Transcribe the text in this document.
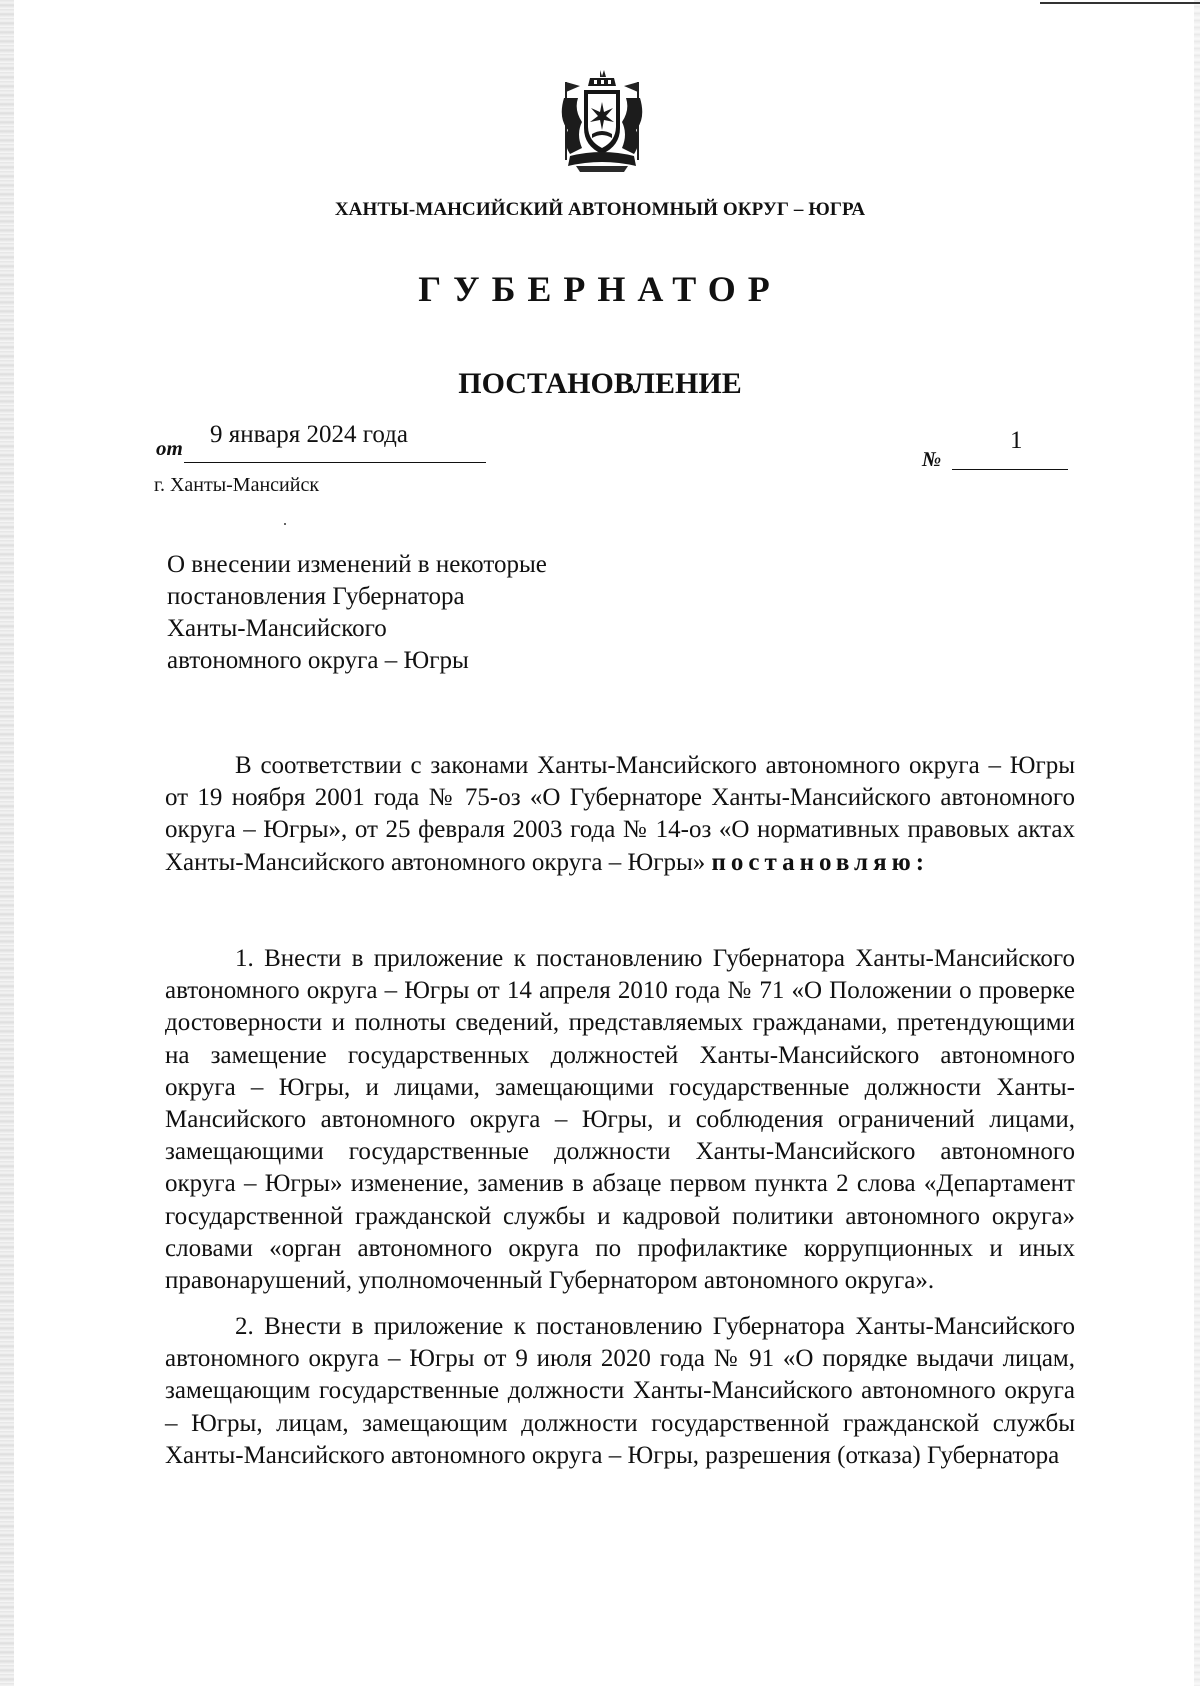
ХАНТЫ-МАНСИЙСКИЙ АВТОНОМНЫЙ ОКРУГ – ЮГРА
ГУБЕРНАТОР
ПОСТАНОВЛЕНИЕ
от 9 января 2024 года
№
1
г. Ханты-Мансийск
О внесении изменений в некоторые
постановления Губернатора
Ханты-Мансийского
автономного округа – Югры
В соответствии с законами Ханты-Мансийского автономного округа – Югры от 19 ноября 2001 года № 75-оз «О Губернаторе Ханты-Мансийского автономного округа – Югры», от 25 февраля 2003 года № 14-оз «О нормативных правовых актах Ханты-Мансийского автономного округа – Югры» постановляю:
1. Внести в приложение к постановлению Губернатора Ханты-Мансийского автономного округа – Югры от 14 апреля 2010 года № 71 «О Положении о проверке достоверности и полноты сведений, представляемых гражданами, претендующими на замещение государственных должностей Ханты-Мансийского автономного округа – Югры, и лицами, замещающими государственные должности Ханты-Мансийского автономного округа – Югры, и соблюдения ограничений лицами, замещающими государственные должности Ханты-Мансийского автономного округа – Югры» изменение, заменив в абзаце первом пункта 2 слова «Департамент государственной гражданской службы и кадровой политики автономного округа» словами «орган автономного округа по профилактике коррупционных и иных правонарушений, уполномоченный Губернатором автономного округа».
2. Внести в приложение к постановлению Губернатора Ханты-Мансийского автономного округа – Югры от 9 июля 2020 года № 91 «О порядке выдачи лицам, замещающим государственные должности Ханты-Мансийского автономного округа – Югры, лицам, замещающим должности государственной гражданской службы Ханты-Мансийского автономного округа – Югры, разрешения (отказа) Губернатора
